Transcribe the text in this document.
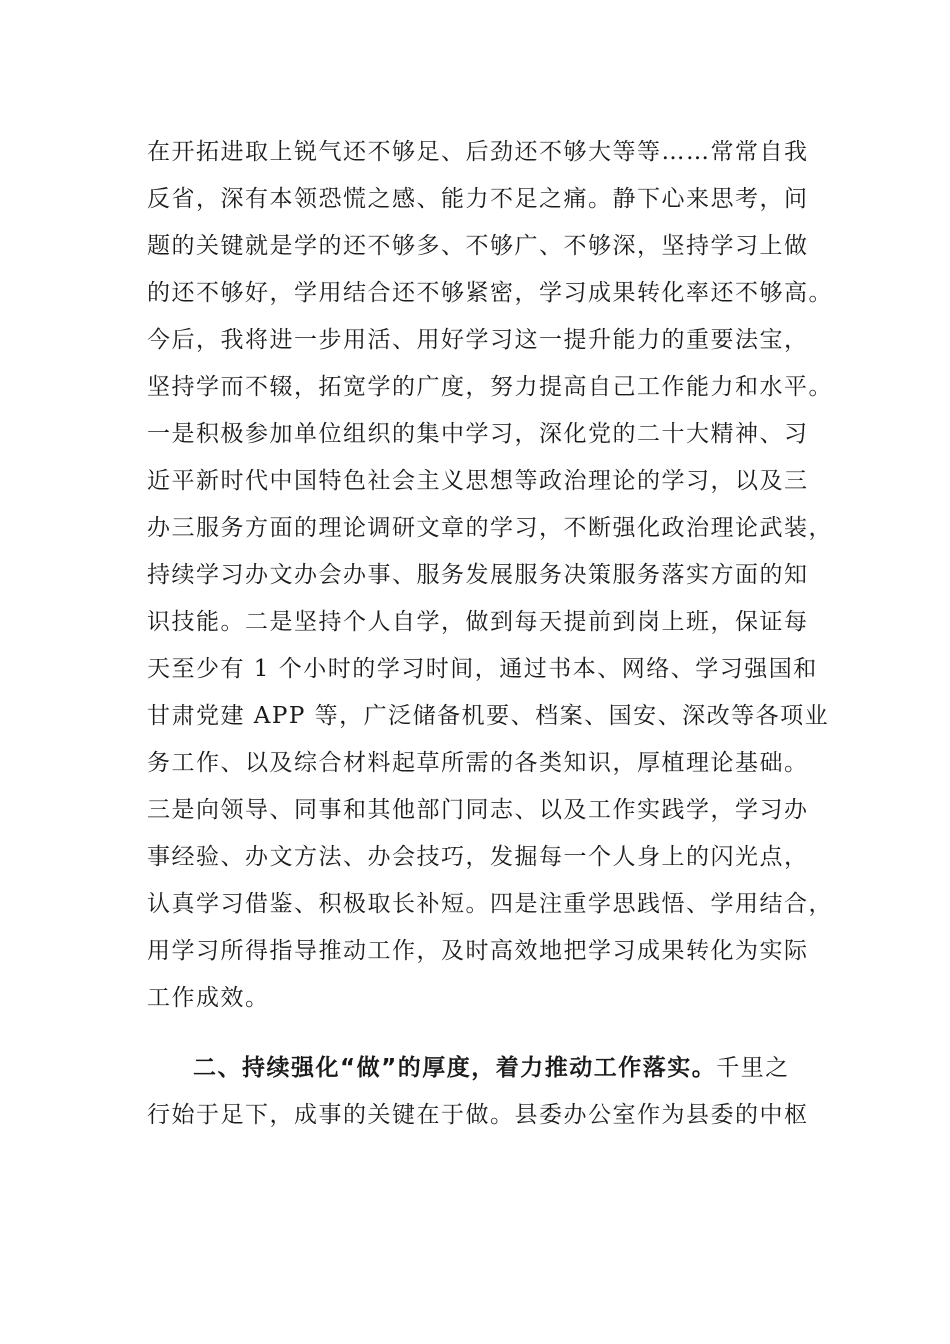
在开拓进取上锐气还不够足、后劲还不够大等等……常常自我
反省，深有本领恐慌之感、能力不足之痛。静下心来思考，问
题的关键就是学的还不够多、不够广、不够深，坚持学习上做
的还不够好，学用结合还不够紧密，学习成果转化率还不够高。
今后，我将进一步用活、用好学习这一提升能力的重要法宝，
坚持学而不辍，拓宽学的广度，努力提高自己工作能力和水平。
一是积极参加单位组织的集中学习，深化党的二十大精神、习
近平新时代中国特色社会主义思想等政治理论的学习，以及三
办三服务方面的理论调研文章的学习，不断强化政治理论武装，
持续学习办文办会办事、服务发展服务决策服务落实方面的知
识技能。二是坚持个人自学，做到每天提前到岗上班，保证每
天至少有 1 个小时的学习时间，通过书本、网络、学习强国和
甘肃党建 APP 等，广泛储备机要、档案、国安、深改等各项业
务工作、以及综合材料起草所需的各类知识，厚植理论基础。
三是向领导、同事和其他部门同志、以及工作实践学，学习办
事经验、办文方法、办会技巧，发掘每一个人身上的闪光点，
认真学习借鉴、积极取长补短。四是注重学思践悟、学用结合，
用学习所得指导推动工作，及时高效地把学习成果转化为实际
工作成效。
二、持续强化“做”的厚度，着力推动工作落实。千里之
行始于足下，成事的关键在于做。县委办公室作为县委的中枢
